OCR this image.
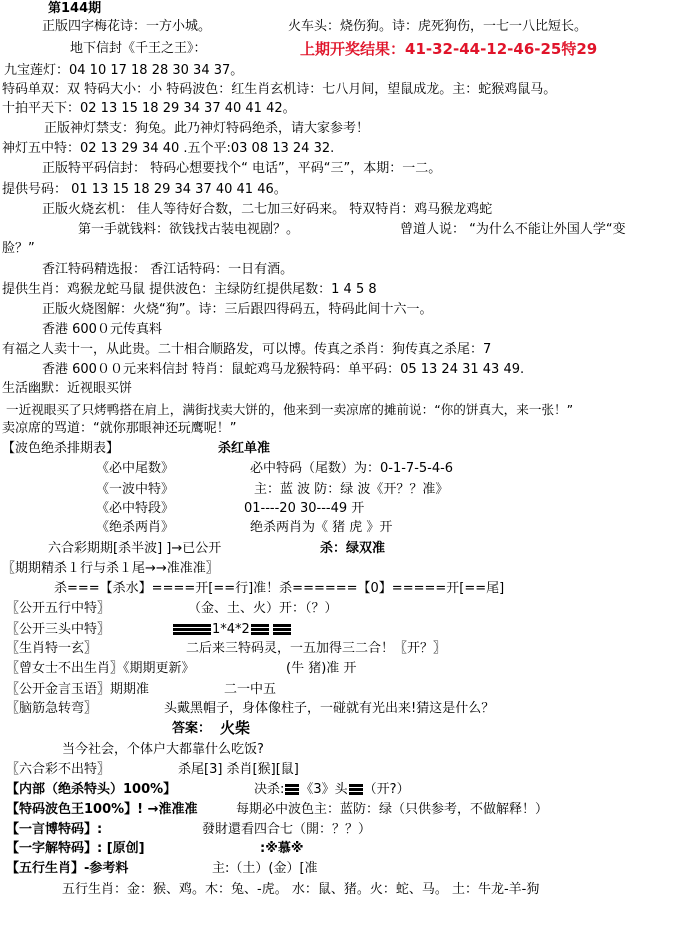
第144期
正版四字梅花诗：一方小城。	火车头：烧伤狗。诗：虎死狗伤，一七一八比短长。
地下信封《千王之王》：	上期开奖结果：41-32-44-12-46-25特29
九宝莲灯：04 10 17 18 28 30 34 37。
特码单双：双 特码大小：小 特码波色：红生肖玄机诗：七八月间，望鼠成龙。主：蛇猴鸡鼠马。
十拍平天下：02 13 15 18 29 34 37 40 41 42。
正版神灯禁支：狗兔。此乃神灯特码绝杀，请大家参考！
神灯五中特：02 13 29 34 40 .五个平:03 08 13 24 32.
正版特平码信封： 特码心想要找个“ 电话”，平码“三”，本期：一二。
提供号码： 01 13 15 18 29 34 37 40 41 46。
正版火烧玄机： 佳人等待好合数，二七加三好码来。 特双特肖：鸡马猴龙鸡蛇
第一手就钱料：欲钱找古装电视剧？。	曾道人说： “为什么不能让外国人学“变
脸？”
香江特码精选报： 香江话特码：一日有酒。
提供生肖：鸡猴龙蛇马鼠 提供波色：主绿防红提供尾数：1 4 5 8
正版火烧图解：火烧“狗”。诗：三后跟四得码五，特码此间十六一。
香港 600０元传真料
有福之人卖十一，从此贵。二十相合顺路发，可以博。传真之杀肖：狗传真之杀尾：7
香港 600００元来料信封 特肖：鼠蛇鸡马龙猴特码：单平码：05 13 24 31 43 49.
生活幽默：近视眼买饼
一近视眼买了只烤鸭搭在肩上，满街找卖大饼的，他来到一卖凉席的摊前说：“你的饼真大，来一张！”
卖凉席的骂道：“就你那眼神还玩鹰呢！”
【波色绝杀排期表】	杀红单准
《必中尾数》	必中特码（尾数）为：0-1-7-5-4-6
《一波中特》	主：蓝 波 防：绿 波《开？？准》
《必中特段》	01----20 30---49 开
《绝杀两肖》	绝杀两肖为《 猪 虎 》开
六合彩期期[杀半波] ]→已公开	杀：绿双准
〖期期精杀１行与杀１尾→→准准准〗
杀===【杀水】====开[==行]准！杀======【0】=====开[==尾]
〖公开五行中特〗	（金、土、火）开：（？）
〖公开三头中特〗	1*4*2
〖生肖特一玄〗	二后来三特码灵，一五加得三二合！〖开？〗
〖曾女士不出生肖〗《期期更新》	(牛 猪)准 开
〖公开金言玉语〗期期准	二一中五
〖脑筋急转弯〗	头戴黑帽子，身体像柱子，一碰就有光出来!猜这是什么？
答案： 火柴
当今社会，个体户大都靠什么吃饭?
〖六合彩不出特〗	杀尾[3] 杀肖[猴][鼠]
【内部（绝杀特头）100%】	决杀: 《3》头 （开?）
【特码波色王100%】! →淮准准	每期必中波色主：蓝防：绿（只供参考，不做解释！）
【一言博特码】:	發財還看四合七（開：？？）
【一字解特码】: [原创]	:※慕※
【五行生肖】-参考料	主:（土）(金）[准
五行生肖：金：猴、鸡。木：兔、-虎。 水：鼠、猪。火：蛇、马。 土：牛龙-羊-狗
